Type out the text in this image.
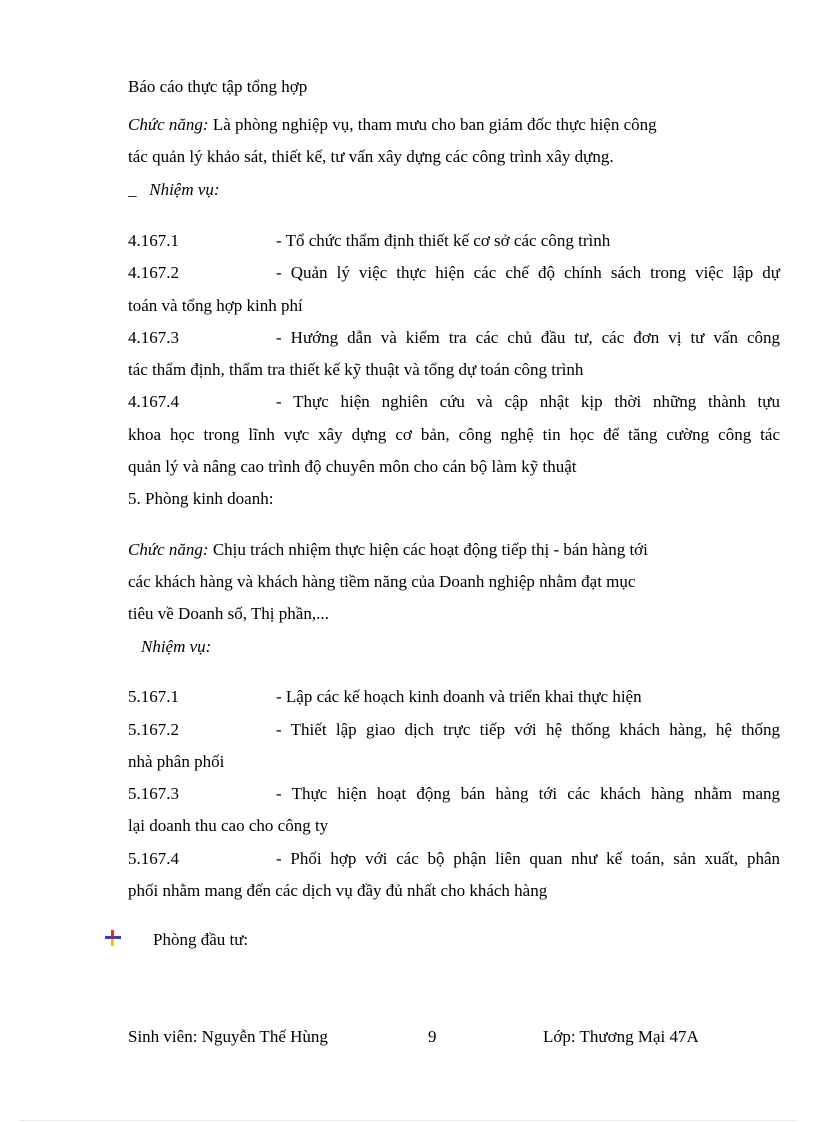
Báo cáo thực tập tổng hợp
Chức năng: Là phòng nghiệp vụ, tham mưu cho ban giám đốc thực hiện công
tác quản lý khảo sát, thiết kế, tư vấn xây dựng các công trình xây dựng.
_ Nhiệm vụ:
4.167.1	- Tổ chức thẩm định thiết kế cơ sở các công trình
4.167.2	- Quản lý việc thực hiện các chế độ chính sách trong việc lập dự
toán và tổng hợp kinh phí
4.167.3	- Hướng dẫn và kiểm tra các chủ đầu tư, các đơn vị tư vấn công
tác thẩm định, thẩm tra thiết kế kỹ thuật và tổng dự toán công trình
4.167.4	- Thực hiện nghiên cứu và cập nhật kịp thời những thành tựu
khoa học trong lĩnh vực xây dựng cơ bản, công nghệ tin học để tăng cường công tác
quản lý và nâng cao trình độ chuyên môn cho cán bộ làm kỹ thuật
5. Phòng kinh doanh:
Chức năng: Chịu trách nhiệm thực hiện các hoạt động tiếp thị - bán hàng tới
các khách hàng và khách hàng tiềm năng của Doanh nghiệp nhằm đạt mục
tiêu về Doanh số, Thị phần,...
Nhiệm vụ:
5.167.1	- Lập các kế hoạch kinh doanh và triển khai thực hiện
5.167.2	- Thiết lập giao dịch trực tiếp với hệ thống khách hàng, hệ thống
nhà phân phối
5.167.3	- Thực hiện hoạt động bán hàng tới các khách hàng nhằm mang
lại doanh thu cao cho công ty
5.167.4	- Phối hợp với các bộ phận liên quan như kế toán, sản xuất, phân
phối nhằm mang đến các dịch vụ đầy đủ nhất cho khách hàng
Phòng đầu tư:
Sinh viên: Nguyễn Thế Hùng	9	Lớp: Thương Mại 47A
